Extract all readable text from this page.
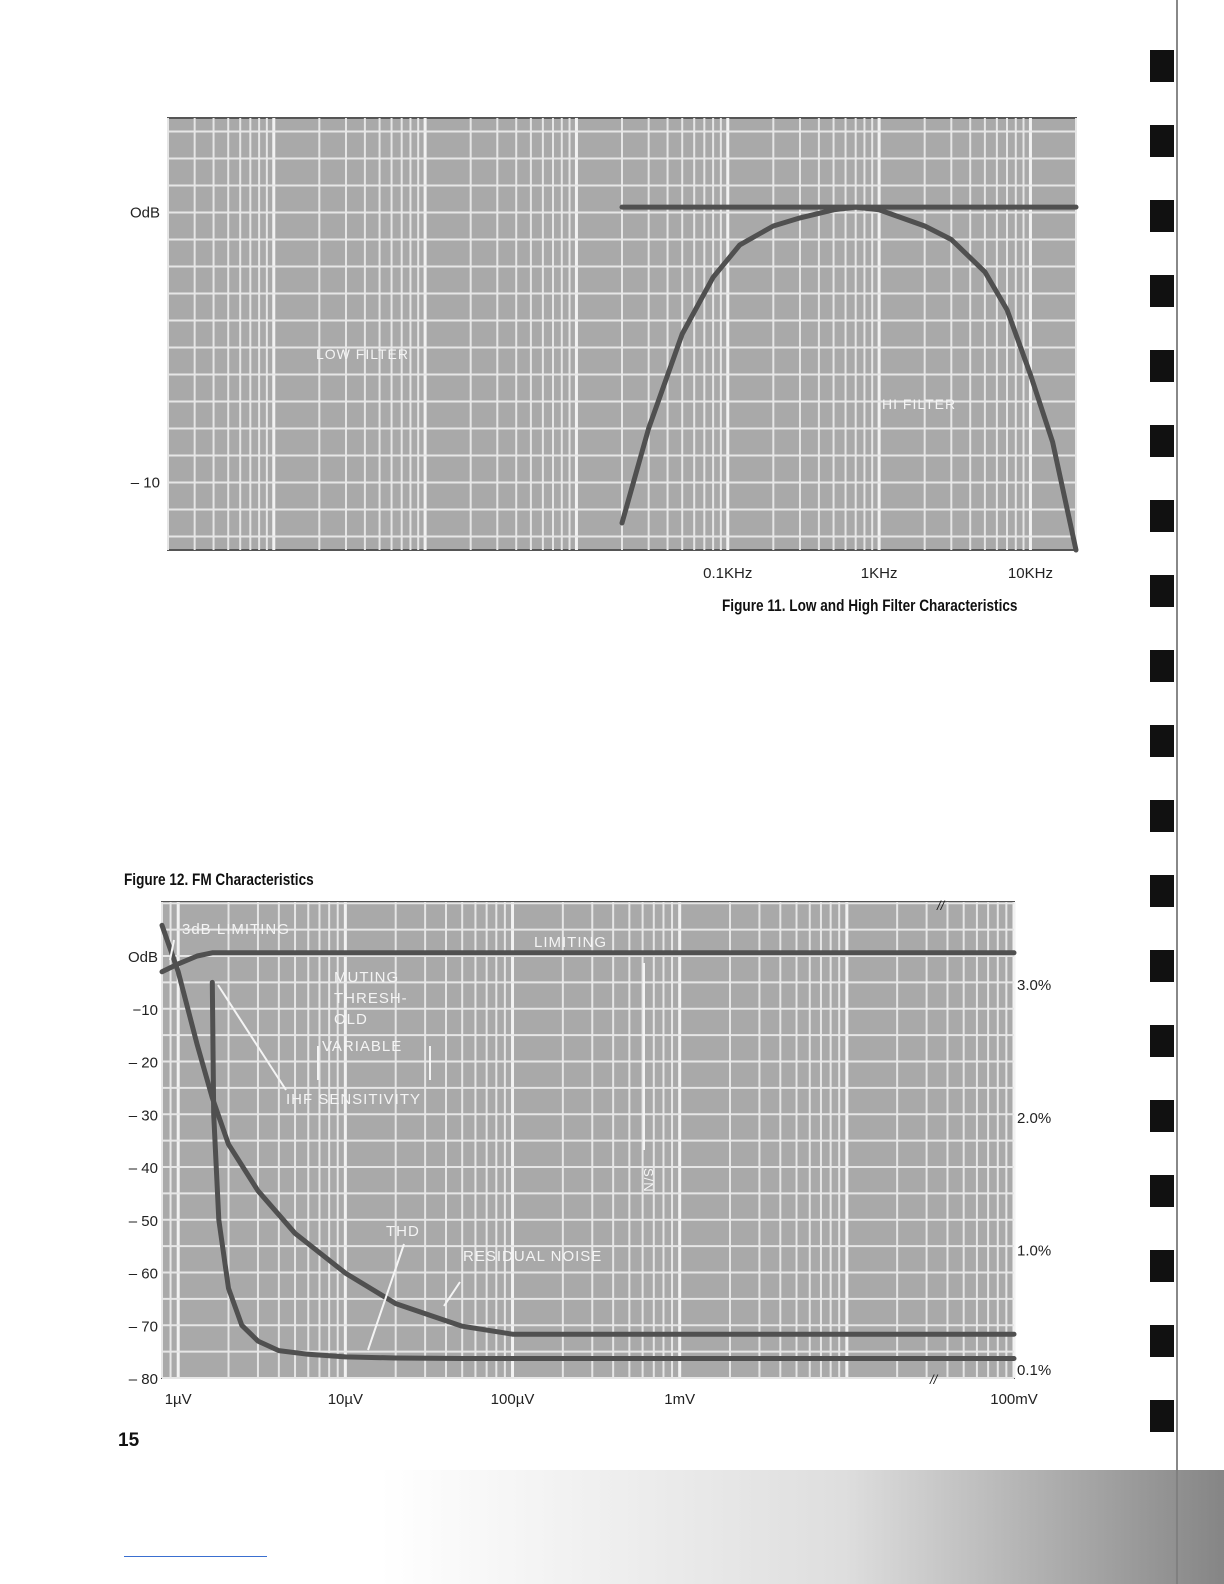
0.1KHz	1KHz	10KHz
OdB
– 10
LOW FILTER
HI FILTER
Figure 11. Low and High Filter Characteristics
Figure 12. FM Characteristics
1µV	10µV	100µV	1mV	100mV
OdB
−10
– 20
– 30
– 40
– 50
– 60
– 70
– 80
3.0%
2.0%
1.0%
0.1%
//
//
3dB LIMITING
LIMITING
MUTING
THRESH-
OLD
VARIABLE
IHF SENSITIVITY
THD
RESIDUAL NOISE
S/N
15
